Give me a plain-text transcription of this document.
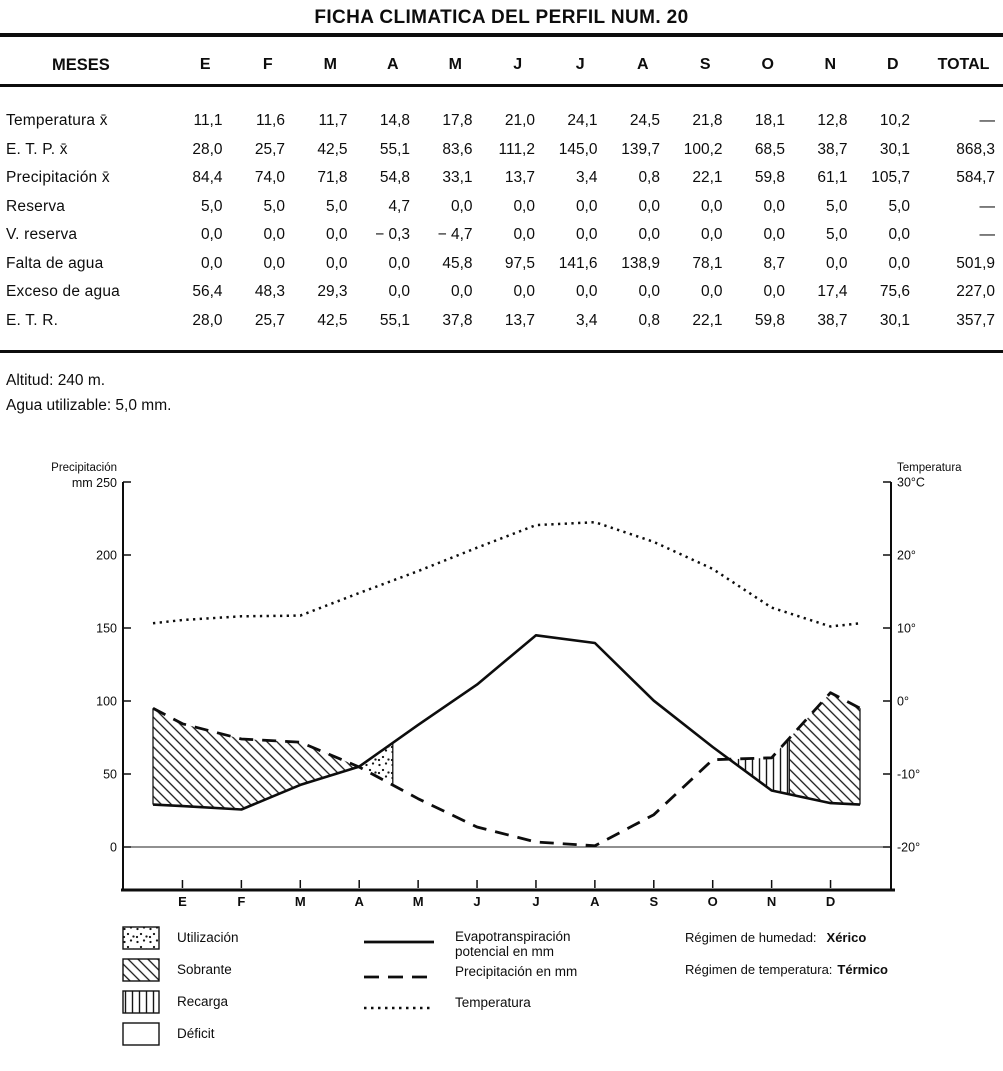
FICHA CLIMATICA DEL PERFIL NUM. 20
MESES	E	F	M	A	M	J	J	A	S	O	N	D	TOTAL
Temperatura x̄	11,1	11,6	11,7	14,8	17,8	21,0	24,1	24,5	21,8	18,1	12,8	10,2	—
E. T. P. x̄	28,0	25,7	42,5	55,1	83,6	111,2	145,0	139,7	100,2	68,5	38,7	30,1	868,3
Precipitación x̄	84,4	74,0	71,8	54,8	33,1	13,7	3,4	0,8	22,1	59,8	61,1	105,7	584,7
Reserva	5,0	5,0	5,0	4,7	0,0	0,0	0,0	0,0	0,0	0,0	5,0	5,0	—
V. reserva	0,0	0,0	0,0	− 0,3	− 4,7	0,0	0,0	0,0	0,0	0,0	5,0	0,0	—
Falta de agua	0,0	0,0	0,0	0,0	45,8	97,5	141,6	138,9	78,1	8,7	0,0	0,0	501,9
Exceso de agua	56,4	48,3	29,3	0,0	0,0	0,0	0,0	0,0	0,0	0,0	17,4	75,6	227,0
E. T. R.	28,0	25,7	42,5	55,1	37,8	13,7	3,4	0,8	22,1	59,8	38,7	30,1	357,7
Altitud: 240 m.
Agua utilizable: 5,0 mm.
200
150
100
50
0
Precipitación
mm 250	30°C
20°
10°
0°
-10°
-20°
Temperatura
E	F	M	A	M	J	J	A	S	O	N	D
Utilización
Sobrante
Recarga
Déficit
Evapotranspiración
potencial en mm
Precipitación en mm
Temperatura
Régimen de humedad: Xérico
Régimen de temperatura: Térmico
